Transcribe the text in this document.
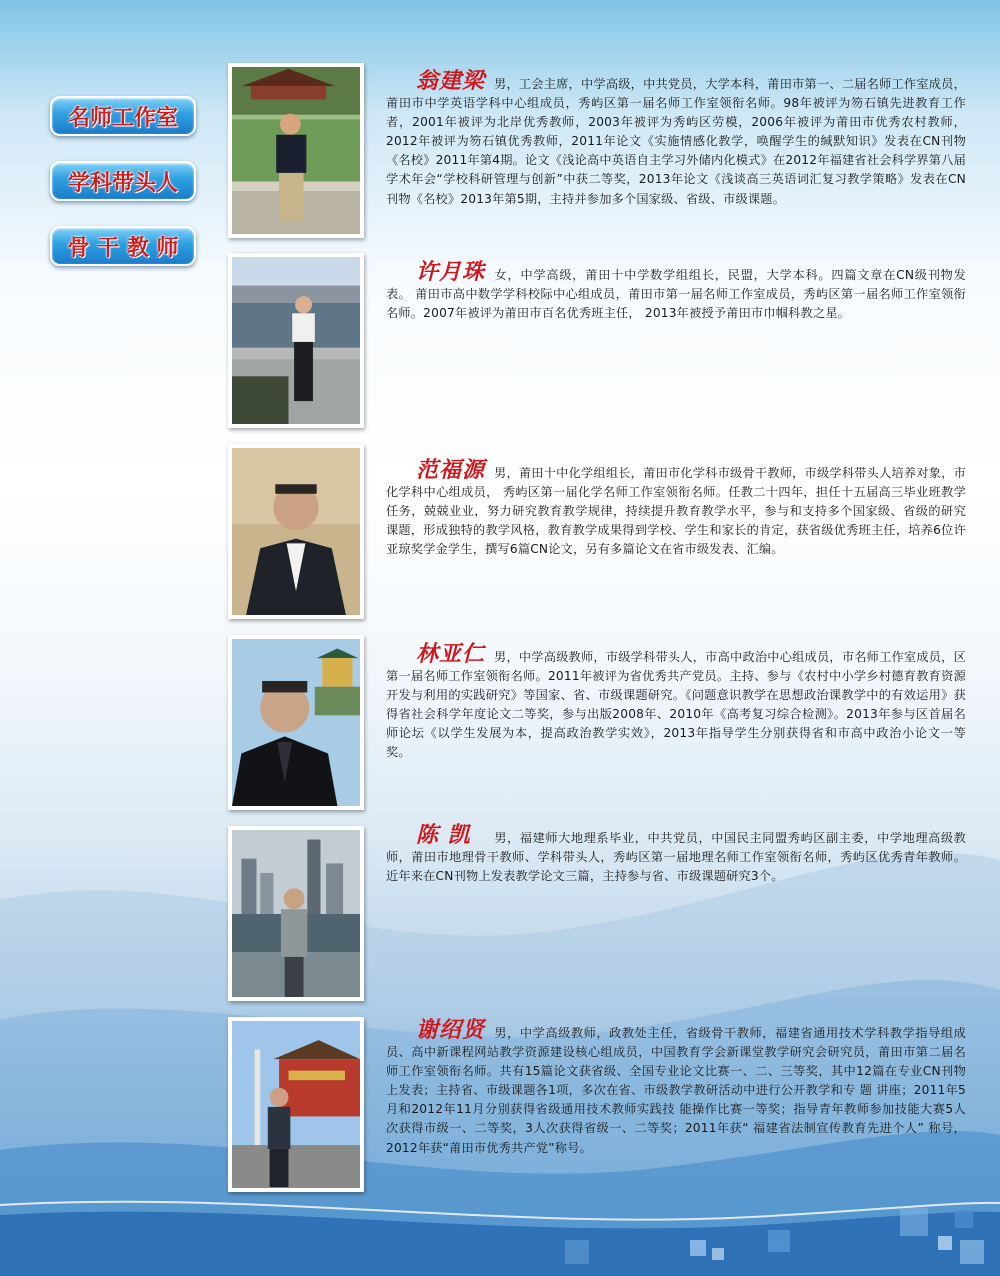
名师工作室
学科带头人
骨 干 教 师
翁建梁 男，工会主席，中学高级，中共党员，大学本科，莆田市第一、二届名师工作室成员，莆田市中学英语学科中心组成员，秀屿区第一届名师工作室领衔名师。98年被评为笏石镇先进教育工作者，2001年被评为北岸优秀教师，2003年被评为秀屿区劳模，2006年被评为莆田市优秀农村教师，2012年被评为笏石镇优秀教师，2011年论文《实施情感化教学，唤醒学生的缄默知识》发表在CN刊物《名校》2011年第4期。论文《浅论高中英语自主学习外储内化模式》在2012年福建省社会科学界第八届学术年会“学校科研管理与创新”中获二等奖，2013年论文《浅谈高三英语词汇复习教学策略》发表在CN刊物《名校》2013年第5期，主持并参加多个国家级、省级、市级课题。
许月珠 女，中学高级，莆田十中学数学组组长，民盟，大学本科。四篇文章在CN级刊物发表。 莆田市高中数学学科校际中心组成员，莆田市第一届名师工作室成员，秀屿区第一届名师工作室领衔名师。2007年被评为莆田市百名优秀班主任， 2013年被授予莆田市巾帼科教之星。
范福源 男，莆田十中化学组组长，莆田市化学科市级骨干教师，市级学科带头人培养对象，市化学科中心组成员， 秀屿区第一届化学名师工作室领衔名师。任教二十四年，担任十五届高三毕业班教学任务，兢兢业业，努力研究教育教学规律，持续提升教育教学水平，参与和支持多个国家级、省级的研究课题，形成独特的教学风格，教育教学成果得到学校、学生和家长的肯定，获省级优秀班主任，培养6位许亚琼奖学金学生，撰写6篇CN论文，另有多篇论文在省市级发表、汇编。
林亚仁 男，中学高级教师，市级学科带头人，市高中政治中心组成员，市名师工作室成员，区第一届名师工作室领衔名师。2011年被评为省优秀共产党员。主持、参与《农村中小学乡村德育教育资源开发与利用的实践研究》等国家、省、市级课题研究。《问题意识教学在思想政治课教学中的有效运用》获得省社会科学年度论文二等奖，参与出版2008年、2010年《高考复习综合检测》。2013年参与区首届名师论坛《以学生发展为本，提高政治教学实效》，2013年指导学生分别获得省和市高中政治小论文一等奖。
陈 凯 男，福建师大地理系毕业，中共党员，中国民主同盟秀屿区副主委，中学地理高级教师，莆田市地理骨干教师、学科带头人，秀屿区第一届地理名师工作室领衔名师，秀屿区优秀青年教师。近年来在CN刊物上发表教学论文三篇，主持参与省、市级课题研究3个。
谢绍贤 男，中学高级教师，政教处主任，省级骨干教师，福建省通用技术学科教学指导组成员、高中新课程网站教学资源建设核心组成员，中国教育学会新课堂教学研究会研究员，莆田市第二届名师工作室领衔名师。共有15篇论文获省级、全国专业论文比赛一、二、三等奖，其中12篇在专业CN刊物上发表；主持省、市级课题各1项，多次在省、市级教学教研活动中进行公开教学和专 题 讲座；2011年5月和2012年11月分别获得省级通用技术教师实践技 能操作比赛一等奖；指导青年教师参加技能大赛5人次获得市级一、二等奖，3人次获得省级一、二等奖；2011年获“ 福建省法制宣传教育先进个人” 称号，2012年获“莆田市优秀共产党”称号。
